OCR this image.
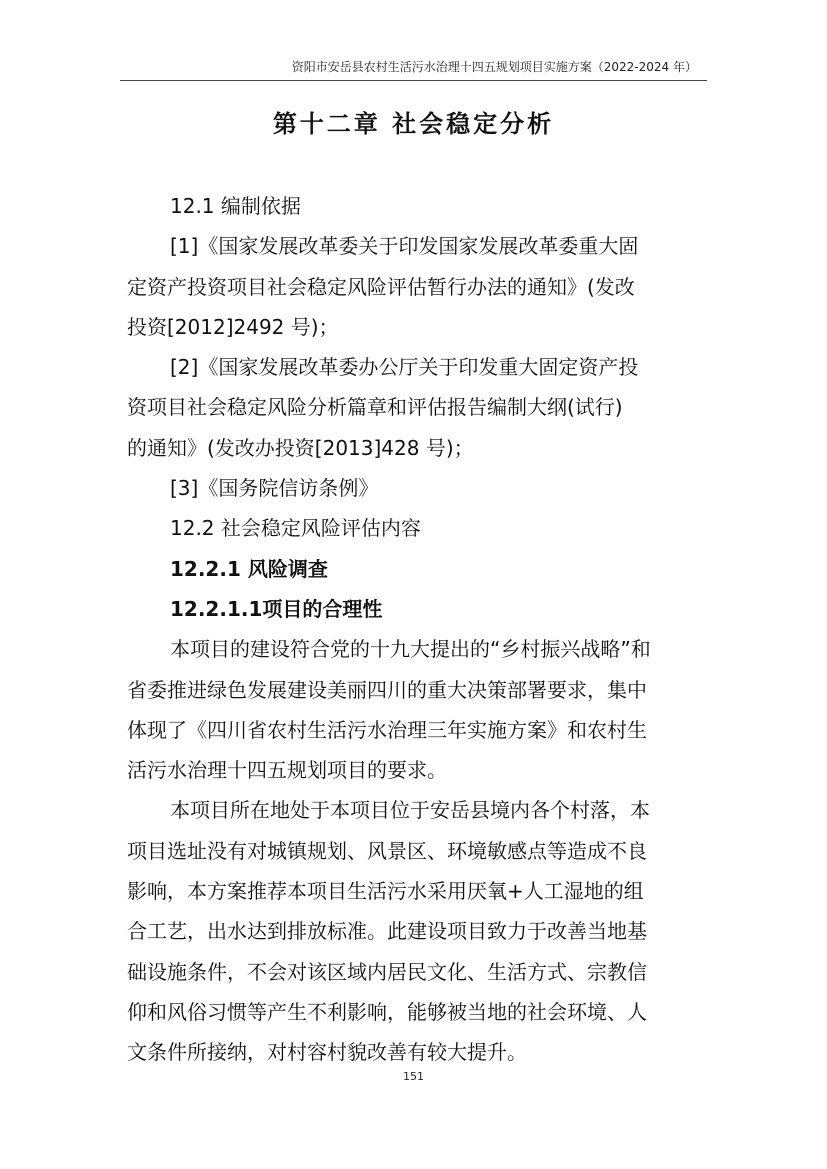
资阳市安岳县农村生活污水治理十四五规划项目实施方案（2022-2024 年）
第十二章 社会稳定分析
12.1 编制依据
[1]《国家发展改革委关于印发国家发展改革委重大固
定资产投资项目社会稳定风险评估暂行办法的通知》(发改
投资[2012]2492 号)；
[2]《国家发展改革委办公厅关于印发重大固定资产投
资项目社会稳定风险分析篇章和评估报告编制大纲(试行)
的通知》(发改办投资[2013]428 号)；
[3]《国务院信访条例》
12.2 社会稳定风险评估内容
12.2.1 风险调查
12.2.1.1项目的合理性
本项目的建设符合党的十九大提出的“乡村振兴战略”和
省委推进绿色发展建设美丽四川的重大决策部署要求，集中
体现了《四川省农村生活污水治理三年实施方案》和农村生
活污水治理十四五规划项目的要求。
本项目所在地处于本项目位于安岳县境内各个村落，本
项目选址没有对城镇规划、风景区、环境敏感点等造成不良
影响，本方案推荐本项目生活污水采用厌氧+人工湿地的组
合工艺，出水达到排放标准。此建设项目致力于改善当地基
础设施条件，不会对该区域内居民文化、生活方式、宗教信
仰和风俗习惯等产生不利影响，能够被当地的社会环境、人
文条件所接纳，对村容村貌改善有较大提升。
151
